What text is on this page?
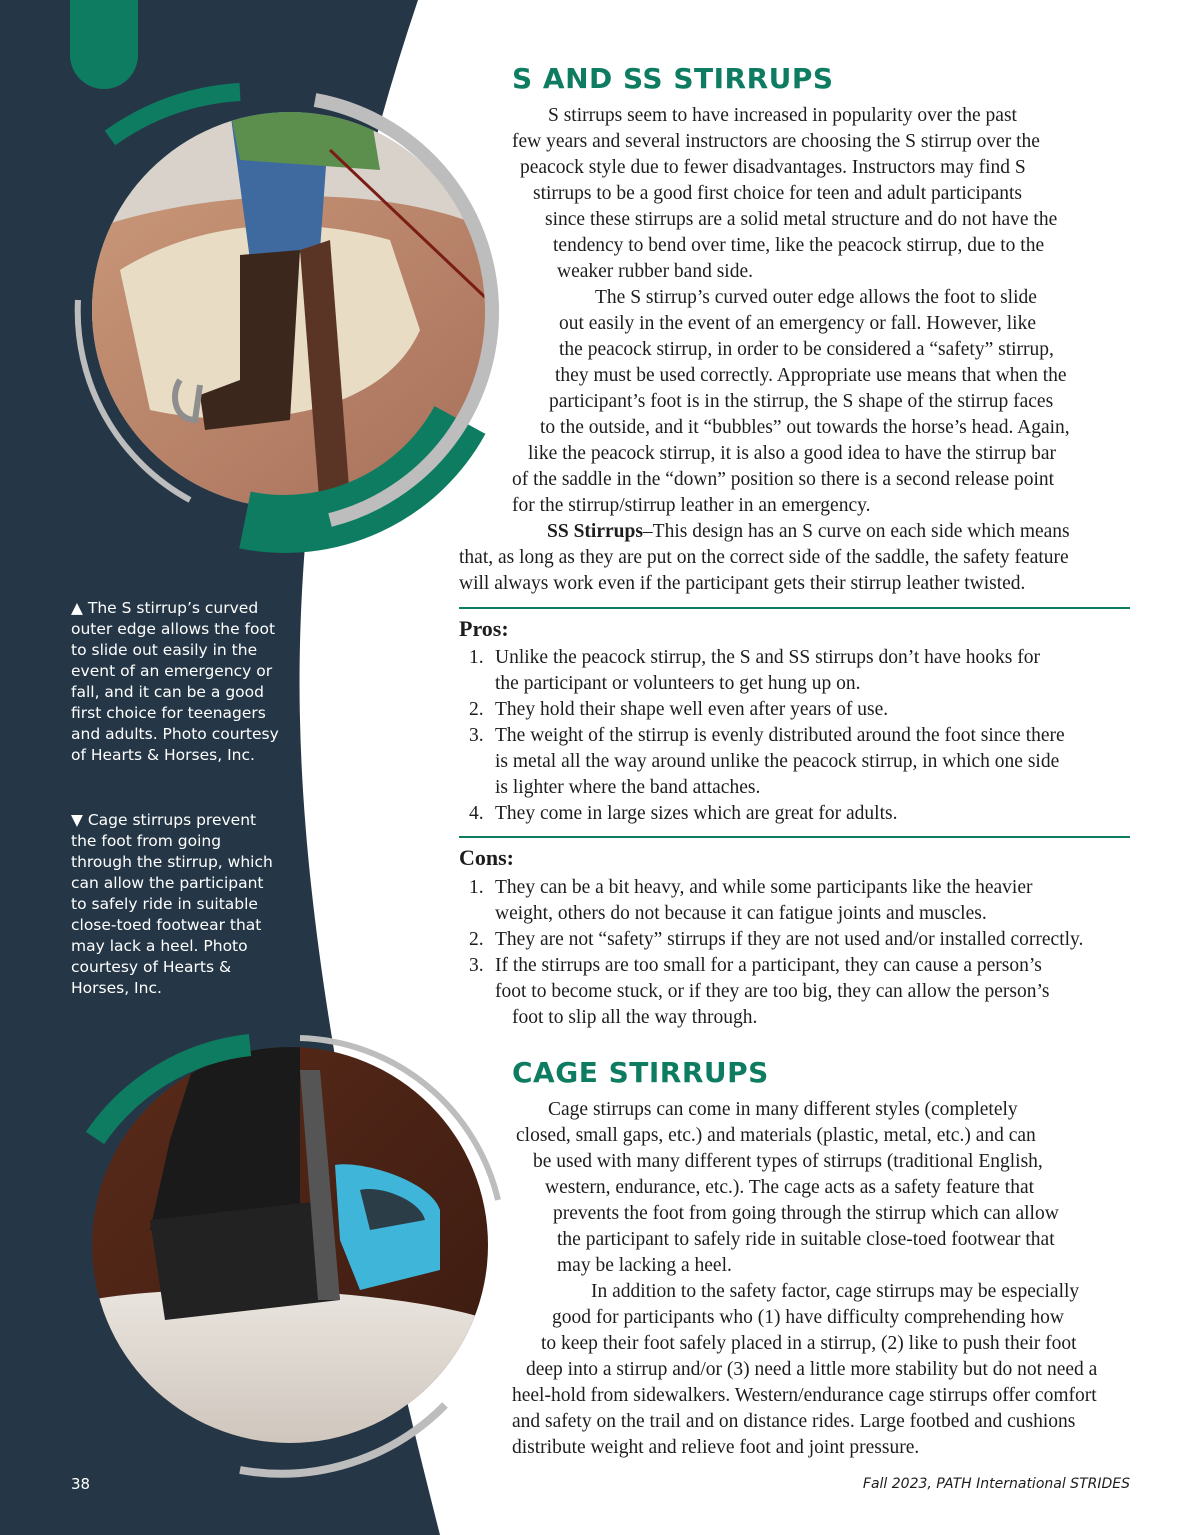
▲ The S stirrup’s curved outer edge allows the foot to slide out easily in the event of an emergency or fall, and it can be a good first choice for teenagers and adults. Photo courtesy of Hearts & Horses, Inc.
▼ Cage stirrups prevent the foot from going through the stirrup, which can allow the participant to safely ride in suitable close-toed footwear that may lack a heel. Photo courtesy of Hearts & Horses, Inc.
S AND SS STIRRUPS
S stirrups seem to have increased in popularity over the past
few years and several instructors are choosing the S stirrup over the
peacock style due to fewer disadvantages. Instructors may find S
stirrups to be a good first choice for teen and adult participants
since these stirrups are a solid metal structure and do not have the
tendency to bend over time, like the peacock stirrup, due to the
weaker rubber band side.
The S stirrup’s curved outer edge allows the foot to slide
out easily in the event of an emergency or fall. However, like
the peacock stirrup, in order to be considered a “safety” stirrup,
they must be used correctly. Appropriate use means that when the
participant’s foot is in the stirrup, the S shape of the stirrup faces
to the outside, and it “bubbles” out towards the horse’s head. Again,
like the peacock stirrup, it is also a good idea to have the stirrup bar
of the saddle in the “down” position so there is a second release point
for the stirrup/stirrup leather in an emergency.
SS Stirrups–This design has an S curve on each side which means
that, as long as they are put on the correct side of the saddle, the safety feature
will always work even if the participant gets their stirrup leather twisted.
Pros:
1. Unlike the peacock stirrup, the S and SS stirrups don’t have hooks for
the participant or volunteers to get hung up on.
2. They hold their shape well even after years of use.
3. The weight of the stirrup is evenly distributed around the foot since there
is metal all the way around unlike the peacock stirrup, in which one side
is lighter where the band attaches.
4. They come in large sizes which are great for adults.
Cons:
1. They can be a bit heavy, and while some participants like the heavier
weight, others do not because it can fatigue joints and muscles.
2. They are not “safety” stirrups if they are not used and/or installed correctly.
3. If the stirrups are too small for a participant, they can cause a person’s
foot to become stuck, or if they are too big, they can allow the person’s
foot to slip all the way through.
CAGE STIRRUPS
Cage stirrups can come in many different styles (completely
closed, small gaps, etc.) and materials (plastic, metal, etc.) and can
be used with many different types of stirrups (traditional English,
western, endurance, etc.). The cage acts as a safety feature that
prevents the foot from going through the stirrup which can allow
the participant to safely ride in suitable close-toed footwear that
may be lacking a heel.
In addition to the safety factor, cage stirrups may be especially
good for participants who (1) have difficulty comprehending how
to keep their foot safely placed in a stirrup, (2) like to push their foot
deep into a stirrup and/or (3) need a little more stability but do not need a
heel-hold from sidewalkers. Western/endurance cage stirrups offer comfort
and safety on the trail and on distance rides. Large footbed and cushions
distribute weight and relieve foot and joint pressure.
38	Fall 2023, PATH International STRIDES
